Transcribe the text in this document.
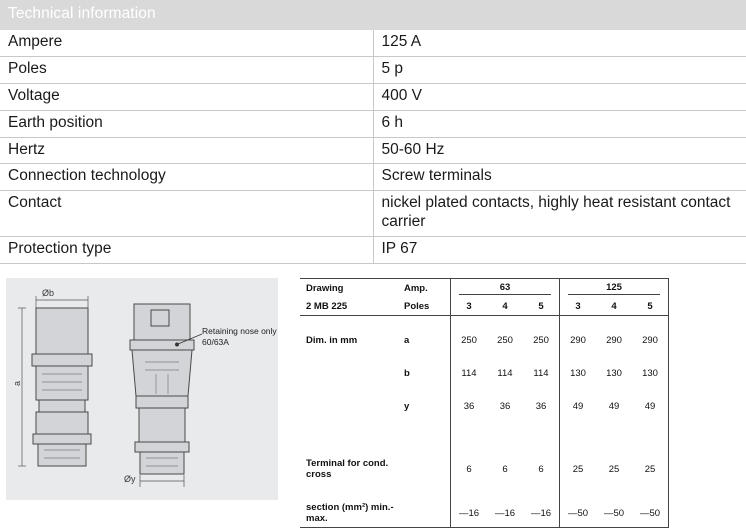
Technical information	
Ampere	125 A
Poles	5 p
Voltage	400 V
Earth position	6 h
Hertz	50-60 Hz
Connection technology	Screw terminals
Contact	nickel plated contacts, highly heat resistant contact carrier
Protection type	IP 67
Øb
Øy
a
Retaining nose only 60/63A
Drawing	Amp.	63			125		
2 MB 225	Poles	3	4	5	3	4	5

Dim. in mm	a	250	250	250	290	290	290

	b	114	114	114	130	130	130

	y	36	36	36	49	49	49

Terminal for cond. cross		6	6	6	25	25	25

section (mm²) min.-max.		—16	—16	—16	—50	—50	—50
